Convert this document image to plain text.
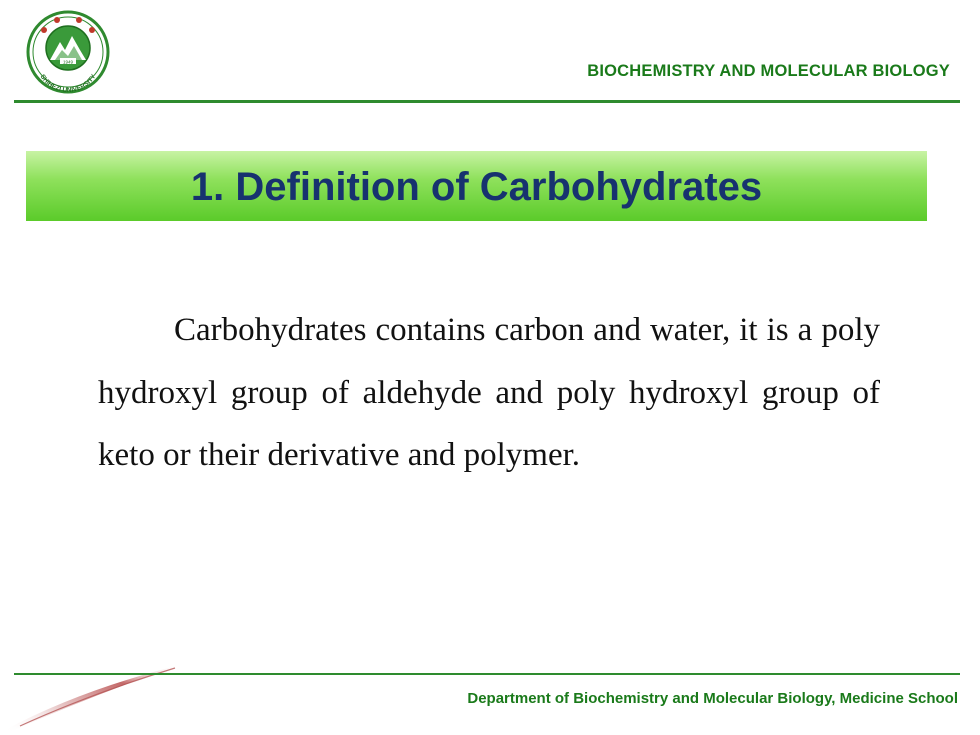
1949
SHIHEZI UNIVERSITY	BIOCHEMISTRY AND MOLECULAR BIOLOGY
1. Definition of Carbohydrates

Carbohydrates contains carbon and water, it is a poly hydroxyl group of aldehyde and poly hydroxyl group of keto or their derivative and polymer.

Department of Biochemistry and Molecular Biology, Medicine School
